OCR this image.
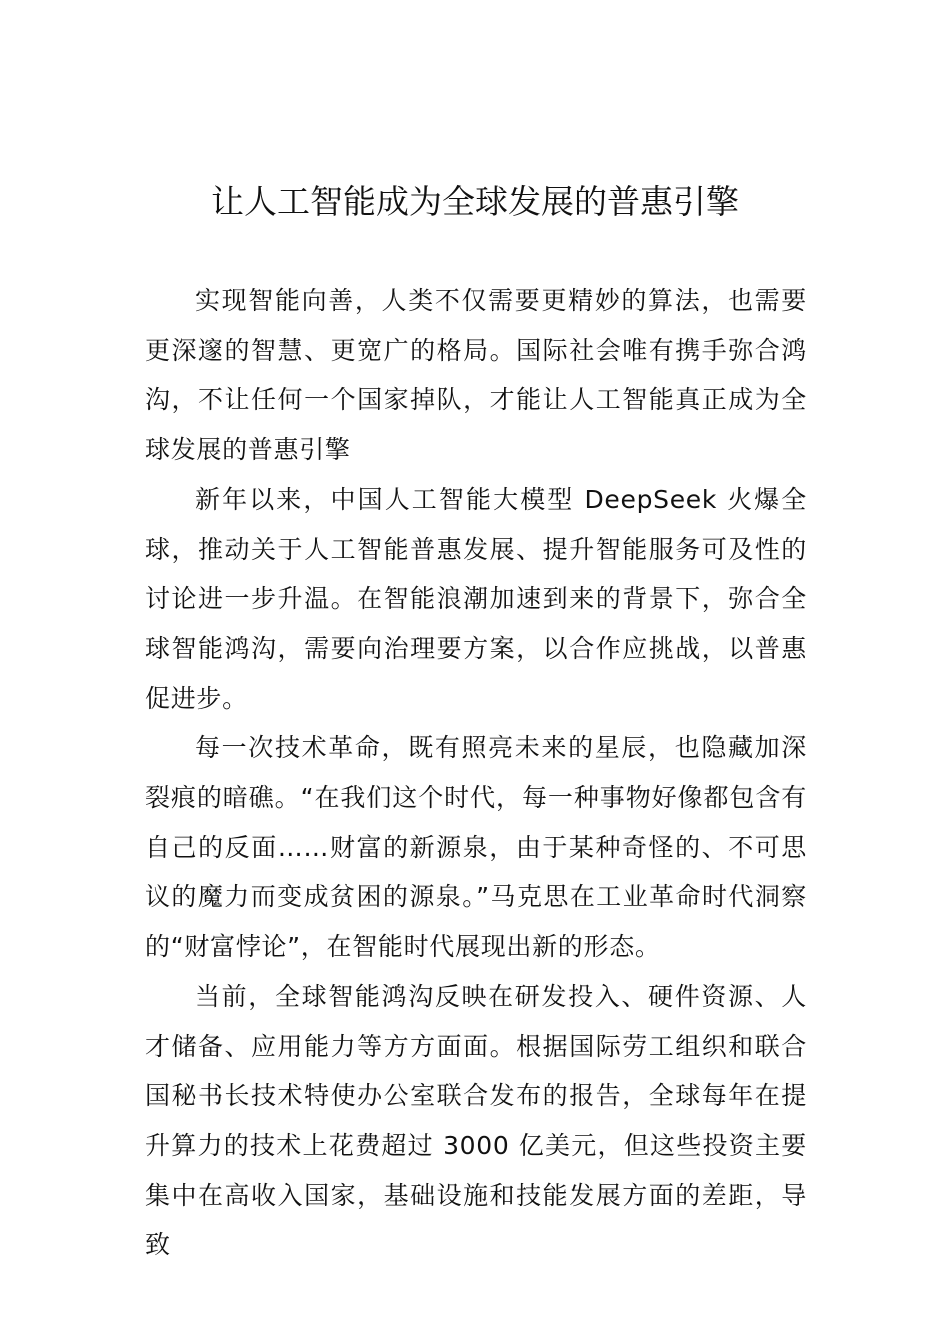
让人工智能成为全球发展的普惠引擎

实现智能向善，人类不仅需要更精妙的算法，也需要更深邃的智慧、更宽广的格局。国际社会唯有携手弥合鸿沟，不让任何一个国家掉队，才能让人工智能真正成为全球发展的普惠引擎

新年以来，中国人工智能大模型 DeepSeek 火爆全球，推动关于人工智能普惠发展、提升智能服务可及性的讨论进一步升温。在智能浪潮加速到来的背景下，弥合全球智能鸿沟，需要向治理要方案，以合作应挑战，以普惠促进步。

每一次技术革命，既有照亮未来的星辰，也隐藏加深裂痕的暗礁。“在我们这个时代，每一种事物好像都包含有自己的反面……财富的新源泉，由于某种奇怪的、不可思议的魔力而变成贫困的源泉。”马克思在工业革命时代洞察的“财富悖论”，在智能时代展现出新的形态。

当前，全球智能鸿沟反映在研发投入、硬件资源、人才储备、应用能力等方方面面。根据国际劳工组织和联合国秘书长技术特使办公室联合发布的报告，全球每年在提升算力的技术上花费超过 3000 亿美元，但这些投资主要集中在高收入国家，基础设施和技能发展方面的差距，导致
